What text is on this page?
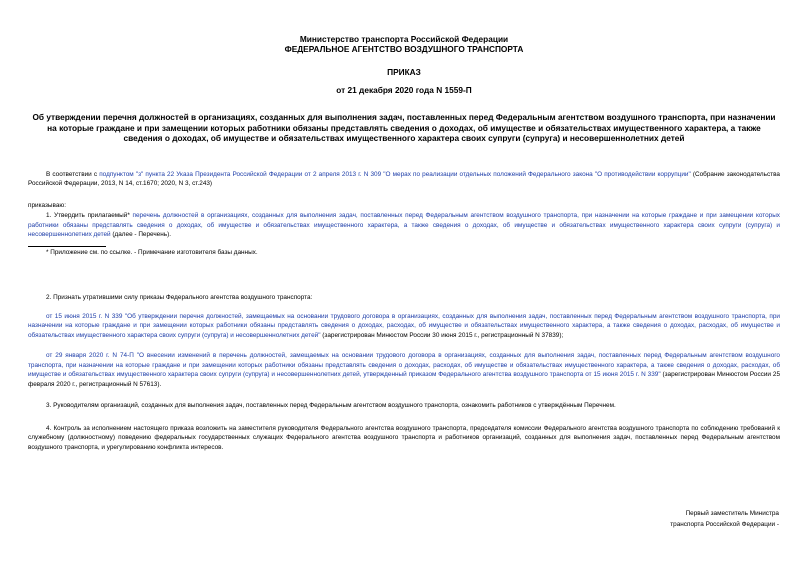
Министерство транспорта Российской Федерации
ФЕДЕРАЛЬНОЕ АГЕНТСТВО ВОЗДУШНОГО ТРАНСПОРТА
ПРИКАЗ
от 21 декабря 2020 года N 1559-П
Об утверждении перечня должностей в организациях, созданных для выполнения задач, поставленных перед Федеральным агентством воздушного транспорта, при назначении на которые граждане и при замещении которых работники обязаны представлять сведения о доходах, об имуществе и обязательствах имущественного характера, а также сведения о доходах, об имуществе и обязательствах имущественного характера своих супруги (супруга) и несовершеннолетних детей

В соответствии с подпунктом "з" пункта 22 Указа Президента Российской Федерации от 2 апреля 2013 г. N 309 "О мерах по реализации отдельных положений Федерального закона "О противодействии коррупции" (Собрание законодательства Российской Федерации, 2013, N 14, ст.1670; 2020, N 3, ст.243)

приказываю:

1. Утвердить прилагаемый* перечень должностей в организациях, созданных для выполнения задач, поставленных перед Федеральным агентством воздушного транспорта, при назначении на которые граждане и при замещении которых работники обязаны представлять сведения о доходах, об имуществе и обязательствах имущественного характера, а также сведения о доходах, об имуществе и обязательствах имущественного характера своих супруги (супруга) и несовершеннолетних детей (далее - Перечень).

* Приложение см. по ссылке. - Примечание изготовителя базы данных.

2. Признать утратившими силу приказы Федерального агентства воздушного транспорта:

от 15 июня 2015 г. N 339 "Об утверждении перечня должностей, замещаемых на основании трудового договора в организациях, созданных для выполнения задач, поставленных перед Федеральным агентством воздушного транспорта, при назначении на которые граждане и при замещении которых работники обязаны представлять сведения о доходах, расходах, об имуществе и обязательствах имущественного характера, а также сведения о доходах, расходах, об имуществе и обязательствах имущественного характера своих супруги (супруга) и несовершеннолетних детей" (зарегистрирован Минюстом России 30 июня 2015 г., регистрационный N 37839);

от 29 января 2020 г. N 74-П "О внесении изменений в перечень должностей, замещаемых на основании трудового договора в организациях, созданных для выполнения задач, поставленных перед Федеральным агентством воздушного транспорта, при назначении на которые граждане и при замещении которых работники обязаны представлять сведения о доходах, расходах, об имуществе и обязательствах имущественного характера, а также сведения о доходах, расходах, об имуществе и обязательствах имущественного характера своих супруги (супруга) и несовершеннолетних детей, утвержденный приказом Федерального агентства воздушного транспорта от 15 июня 2015 г. N 339" (зарегистрирован Минюстом России 25 февраля 2020 г., регистрационный N 57613).

3. Руководителям организаций, созданных для выполнения задач, поставленных перед Федеральным агентством воздушного транспорта, ознакомить работников с утверждённым Перечнем.

4. Контроль за исполнением настоящего приказа возложить на заместителя руководителя Федерального агентства воздушного транспорта, председателя комиссии Федерального агентства воздушного транспорта по соблюдению требований к служебному (должностному) поведению федеральных государственных служащих Федерального агентства воздушного транспорта и работников организаций, созданных для выполнения задач, поставленных перед Федеральным агентством воздушного транспорта, и урегулированию конфликта интересов.

Первый заместитель Министра
транспорта Российской Федерации -
